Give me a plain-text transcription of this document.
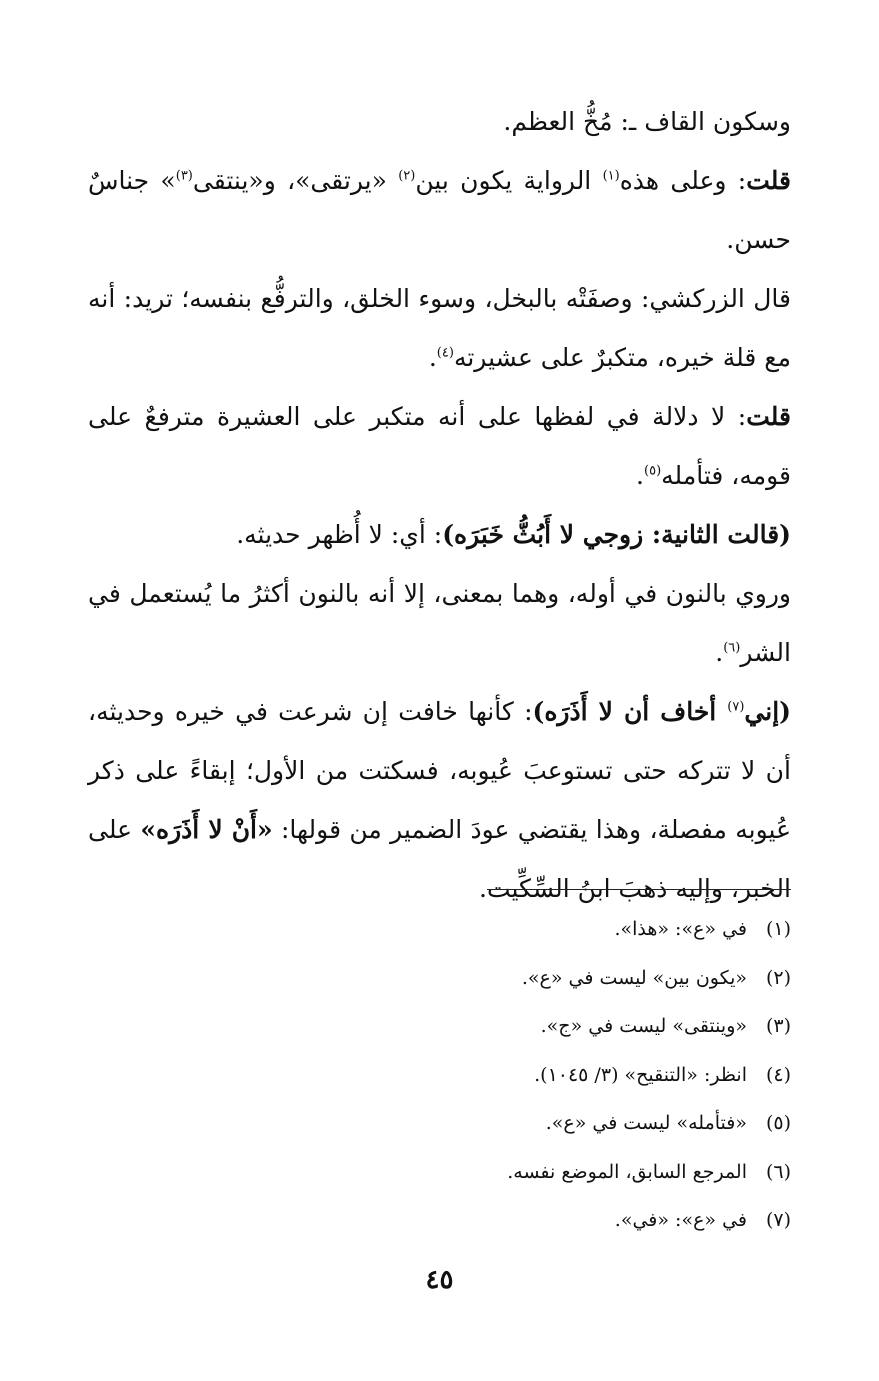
وسكون القاف ـ: مُخُّ العظم.

قلت: وعلى هذه$^{(١)}$ الرواية يكون بين$^{(٢)}$ «يرتقى»، و«ينتقى$^{(٣)}$» جناسٌ حسن.

قال الزركشي: وصفَتْه بالبخل، وسوء الخلق، والترفُّع بنفسه؛ تريد: أنه مع قلة خيره، متكبرٌ على عشيرته$^{(٤)}$.

قلت: لا دلالة في لفظها على أنه متكبر على العشيرة مترفعٌ على قومه، فتأمله$^{(٥)}$.

(قالت الثانية: زوجي لا أَبُثُّ خَبَرَه): أي: لا أُظهر حديثه.

وروي بالنون في أوله، وهما بمعنى، إلا أنه بالنون أكثرُ ما يُستعمل في الشر$^{(٦)}$.

(إني$^{(٧)}$ أخاف أن لا أَذَرَه): كأنها خافت إن شرعت في خيره وحديثه، أن لا تتركه حتى تستوعبَ عُيوبه، فسكتت من الأول؛ إبقاءً على ذكر عُيوبه مفصلة، وهذا يقتضي عودَ الضمير من قولها: «أَنْ لا أَذَرَه» على الخبر، وإليه ذهبَ ابنُ السِّكِّيت.

(١)
في «ع»: «هذا».
(٢)
«يكون بين» ليست في «ع».
(٣)
«وينتقى» ليست في «ج».
(٤)
انظر: «التنقيح» (٣/ ١٠٤٥).
(٥)
«فتأمله» ليست في «ع».
(٦)
المرجع السابق، الموضع نفسه.
(٧)
في «ع»: «في».
٤٥
